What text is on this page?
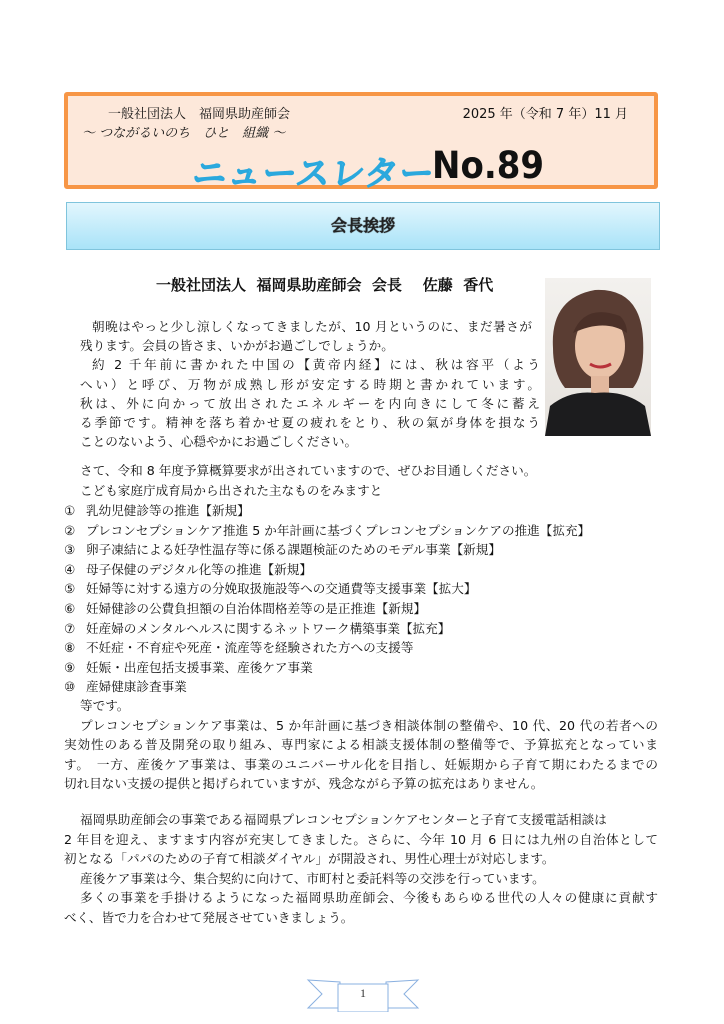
一般社団法人　福岡県助産師会	2025 年（令和 7 年）11 月
～ つながるいのち　ひと　組織 ～
ニュースレター
No.89
会長挨拶
一般社団法人  福岡県助産師会  会長    佐藤  香代
朝晩はやっと少し涼しくなってきましたが、10 月というのに、まだ暑さが
残ります。会員の皆さま、いかがお過ごしでしょうか。
約 2 千年前に書かれた中国の【黄帝内経】には、秋は容平（よう
へい）と呼び、万物が成熟し形が安定する時期と書かれています。
秋は、外に向かって放出されたエネルギーを内向きにして冬に蓄え
る季節です。精神を落ち着かせ夏の疲れをとり、秋の氣が身体を損なう
ことのないよう、心穏やかにお過ごしください。
さて、令和 8 年度予算概算要求が出されていますので、ぜひお目通しください。
こども家庭庁成育局から出された主なものをみますと
① 乳幼児健診等の推進【新規】
② プレコンセプションケア推進 5 か年計画に基づくプレコンセプションケアの推進【拡充】
③ 卵子凍結による妊孕性温存等に係る課題検証のためのモデル事業【新規】
④ 母子保健のデジタル化等の推進【新規】
⑤ 妊婦等に対する遠方の分娩取扱施設等への交通費等支援事業【拡大】
⑥ 妊婦健診の公費負担額の自治体間格差等の是正推進【新規】
⑦ 妊産婦のメンタルヘルスに関するネットワーク構築事業【拡充】
⑧ 不妊症・不育症や死産・流産等を経験された方への支援等
⑨ 妊娠・出産包括支援事業、産後ケア事業
⑩ 産婦健康診査事業
等です。
プレコンセプションケア事業は、5 か年計画に基づき相談体制の整備や、10 代、20 代の若者への
実効性のある普及開発の取り組み、専門家による相談支援体制の整備等で、予算拡充となっていま
す。　一方、産後ケア事業は、事業のユニバーサル化を目指し、妊娠期から子育て期にわたるまでの
切れ目ない支援の提供と掲げられていますが、残念ながら予算の拡充はありません。
福岡県助産師会の事業である福岡県プレコンセプションケアセンターと子育て支援電話相談は
2 年目を迎え、ますます内容が充実してきました。さらに、今年 10 月 6 日には九州の自治体として
初となる「パパのための子育て相談ダイヤル」が開設され、男性心理士が対応します。
産後ケア事業は今、集合契約に向けて、市町村と委託料等の交渉を行っています。
多くの事業を手掛けるようになった福岡県助産師会、今後もあらゆる世代の人々の健康に貢献す
べく、皆で力を合わせて発展させていきましょう。
1
